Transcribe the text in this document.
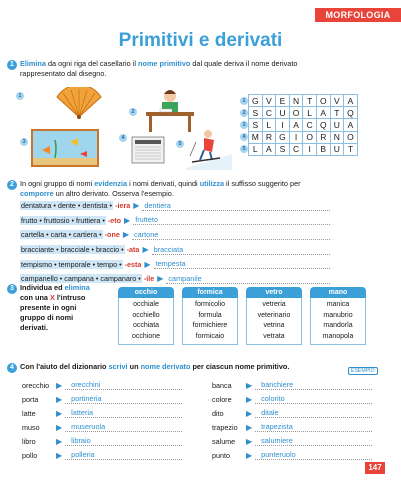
MORFOLOGIA
Primitivi e derivati
1 Elimina da ogni riga del casellario il nome primitivo dal quale deriva il nome derivato rappresentato dal disegno.
1
2
3
4
5
1	G	V	E	N	T	O	V	A

2	S	C	U	O	L	A	T	Q

3	S	L	I	A	C	Q	U	A

4	M	R	G	I	O	R	N	O

5	L	A	S	C	I	B	U	T
2 In ogni gruppo di nomi evidenzia i nomi derivati, quindi utilizza il suffisso suggerito per comporre un altro derivato. Osserva l'esempio.
dentatura • dente • dentista • -iera ▶ dentiera
frutto • fruttosio • fruttiera • -eto ▶ frutteto
cartella • carta • cartiera • -one ▶ cartone
bracciante • bracciale • braccio • -ata ▶ bracciata
tempismo • temporale • tempo • -esta ▶ tempesta
campanello • campana • campanaro • -ile ▶ campanile
3 Individua ed elimina con una X l'intruso presente in ogni gruppo di nomi derivati.
occhio
occhiale
occhiello
occhiata
occhione
formica
formicolio
formula
formichiere
formicaio
vetro
vetreria
veterinario
vetrina
vetrata
mano
manica
manubrio
mandorla
manopola
4 Con l'aiuto del dizionario scrivi un nome derivato per ciascun nome primitivo.	ESEMPIO
orecchio ▶	orecchini
porta	▶	portineria
latte	▶	latteria
muso	▶	museruola
libro	▶	libraio
pollo	▶	polleria
banca	▶	banchiere
colore	▶	colorito
dito	▶	ditale
trapezio	▶	trapezista
salume	▶	salumiere
punto	▶	punteruolo
147
